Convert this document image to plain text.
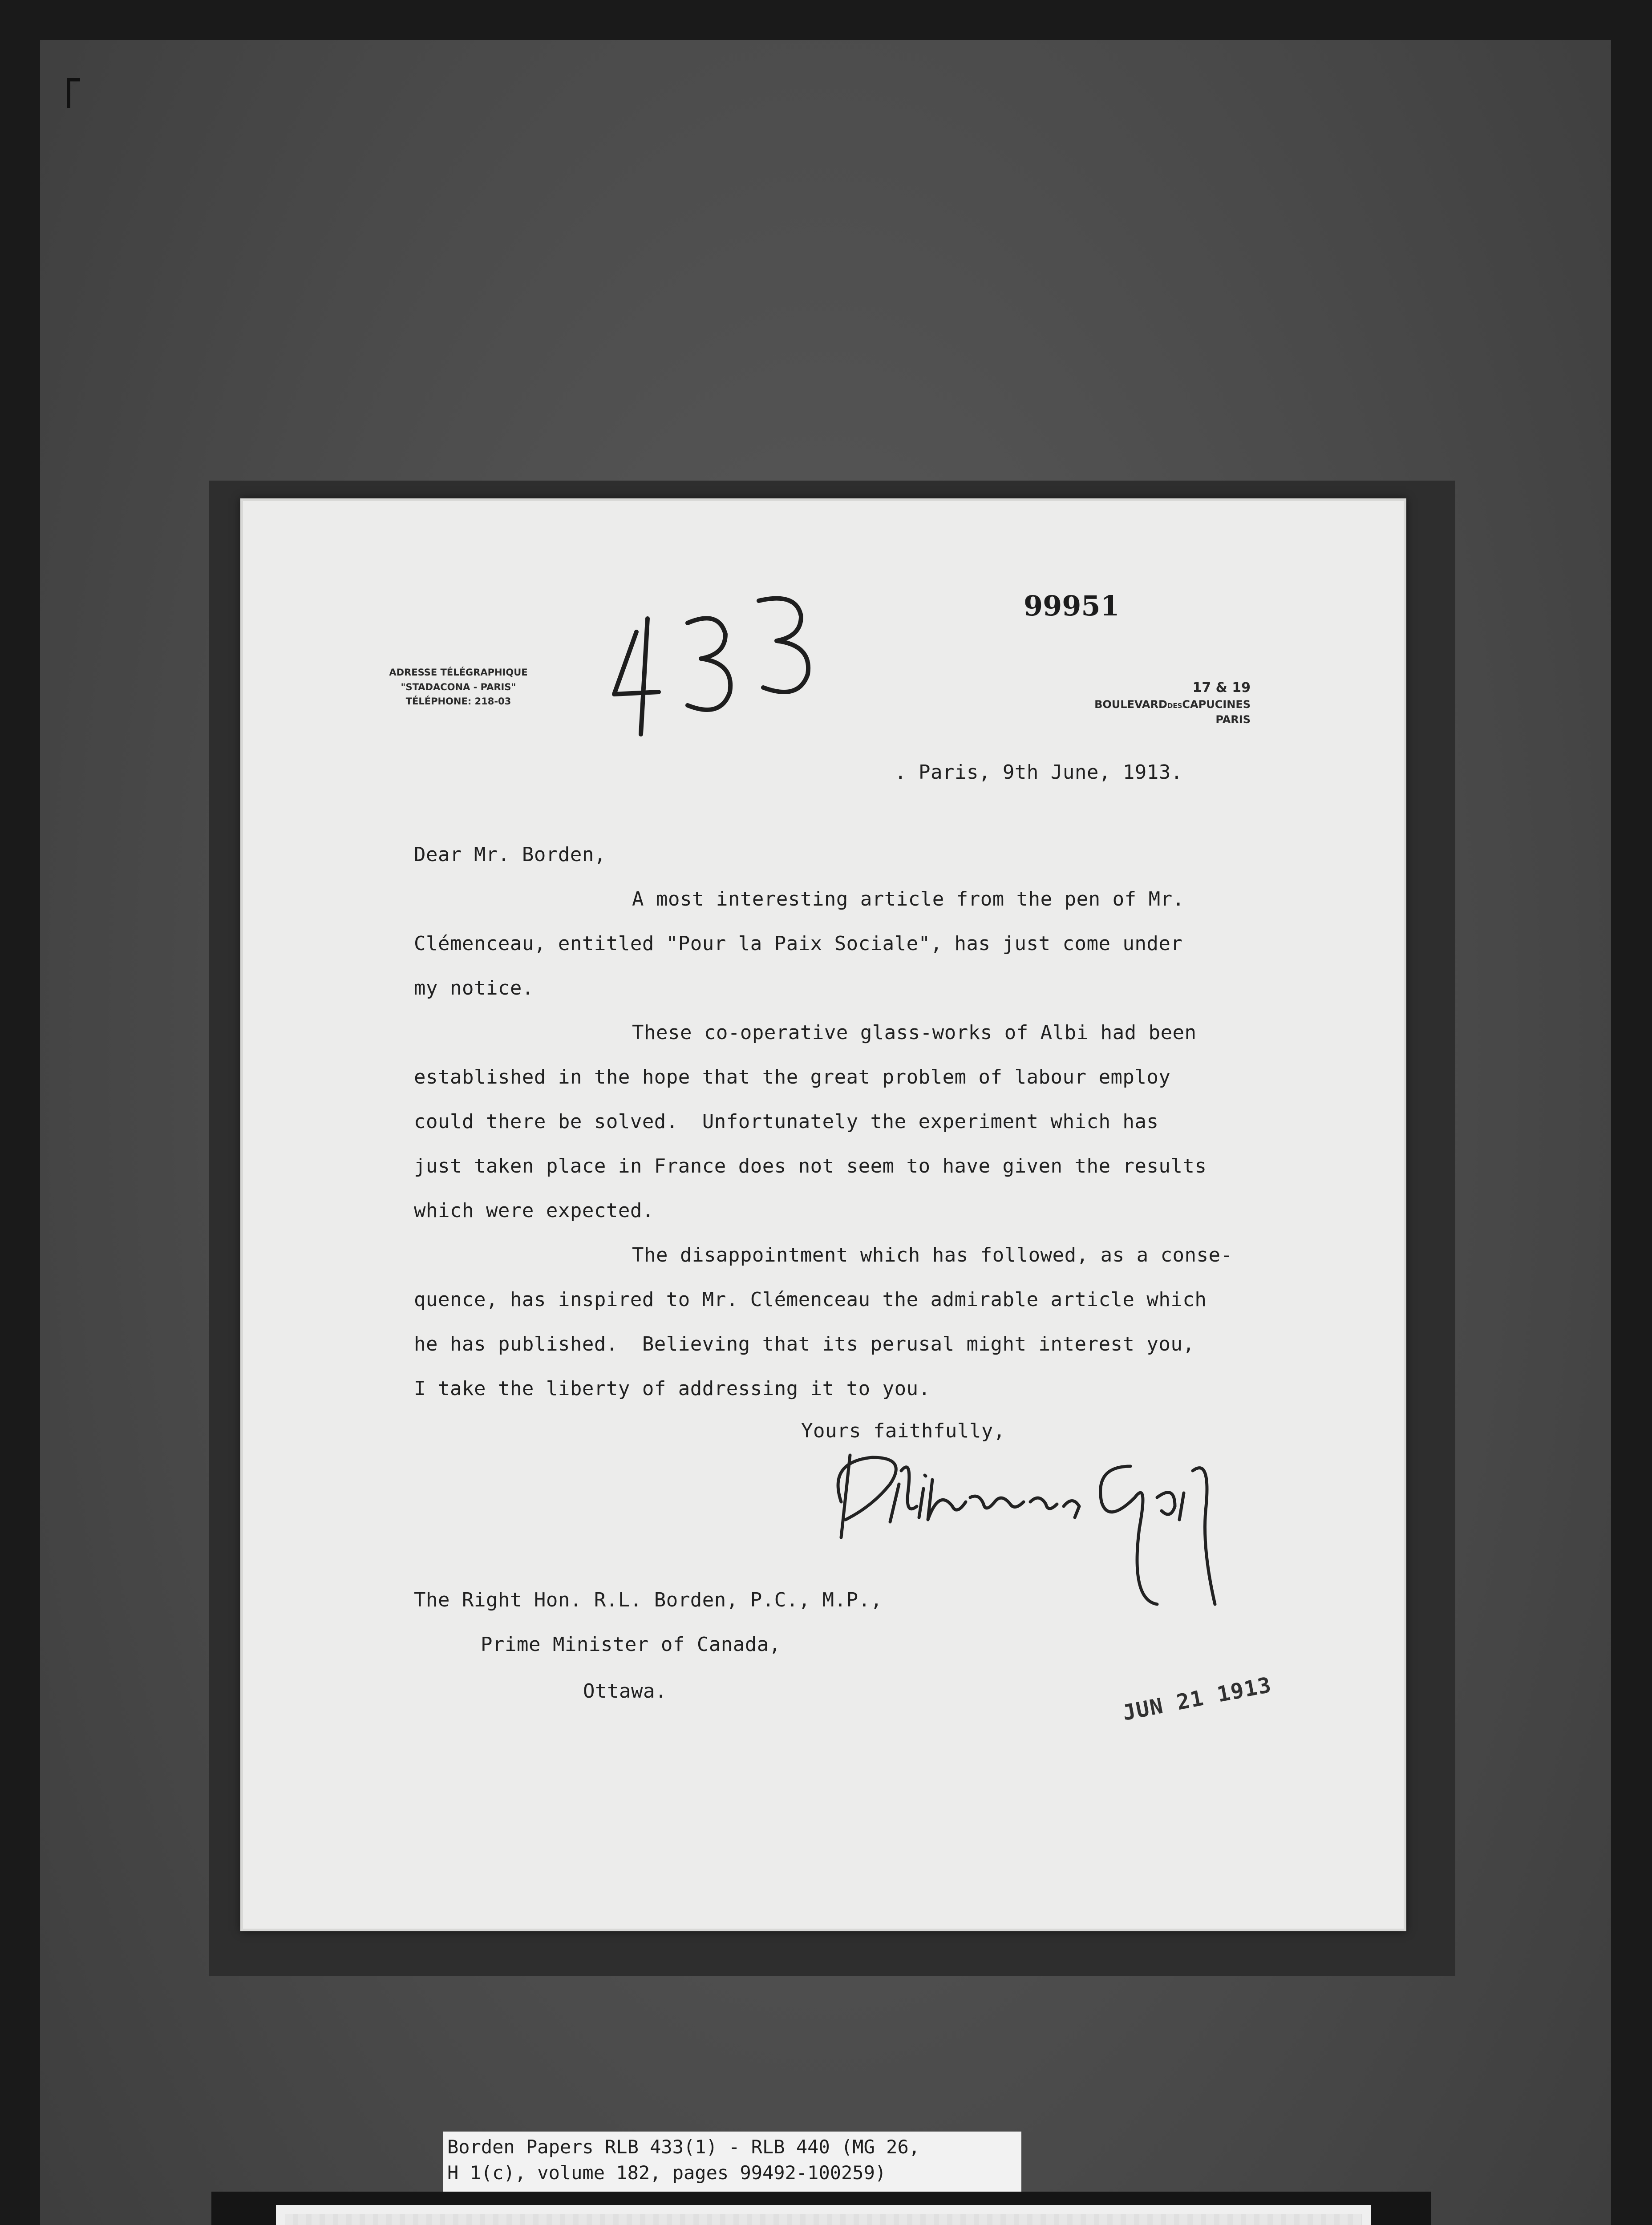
99951
ADRESSE TÉLÉGRAPHIQUE
"STADACONA - PARIS"
TÉLÉPHONE: 218-03
17 & 19
BOULEVARDDESCAPUCINES
PARIS
. Paris, 9th June, 1913.
Dear Mr. Borden,
A most interesting article from the pen of Mr.
Clémenceau, entitled "Pour la Paix Sociale", has just come under
my notice.
These co-operative glass-works of Albi had been
established in the hope that the great problem of labour employ
could there be solved.  Unfortunately the experiment which has
just taken place in France does not seem to have given the results
which were expected.
The disappointment which has followed, as a conse-
quence, has inspired to Mr. Clémenceau the admirable article which
he has published.  Believing that its perusal might interest you,
I take the liberty of addressing it to you.
Yours faithfully,
The Right Hon. R.L. Borden, P.C., M.P.,
Prime Minister of Canada,
Ottawa.	JUN 21 1913
Borden Papers RLB 433(1) - RLB 440 (MG 26,
H 1(c), volume 182, pages 99492-100259)
